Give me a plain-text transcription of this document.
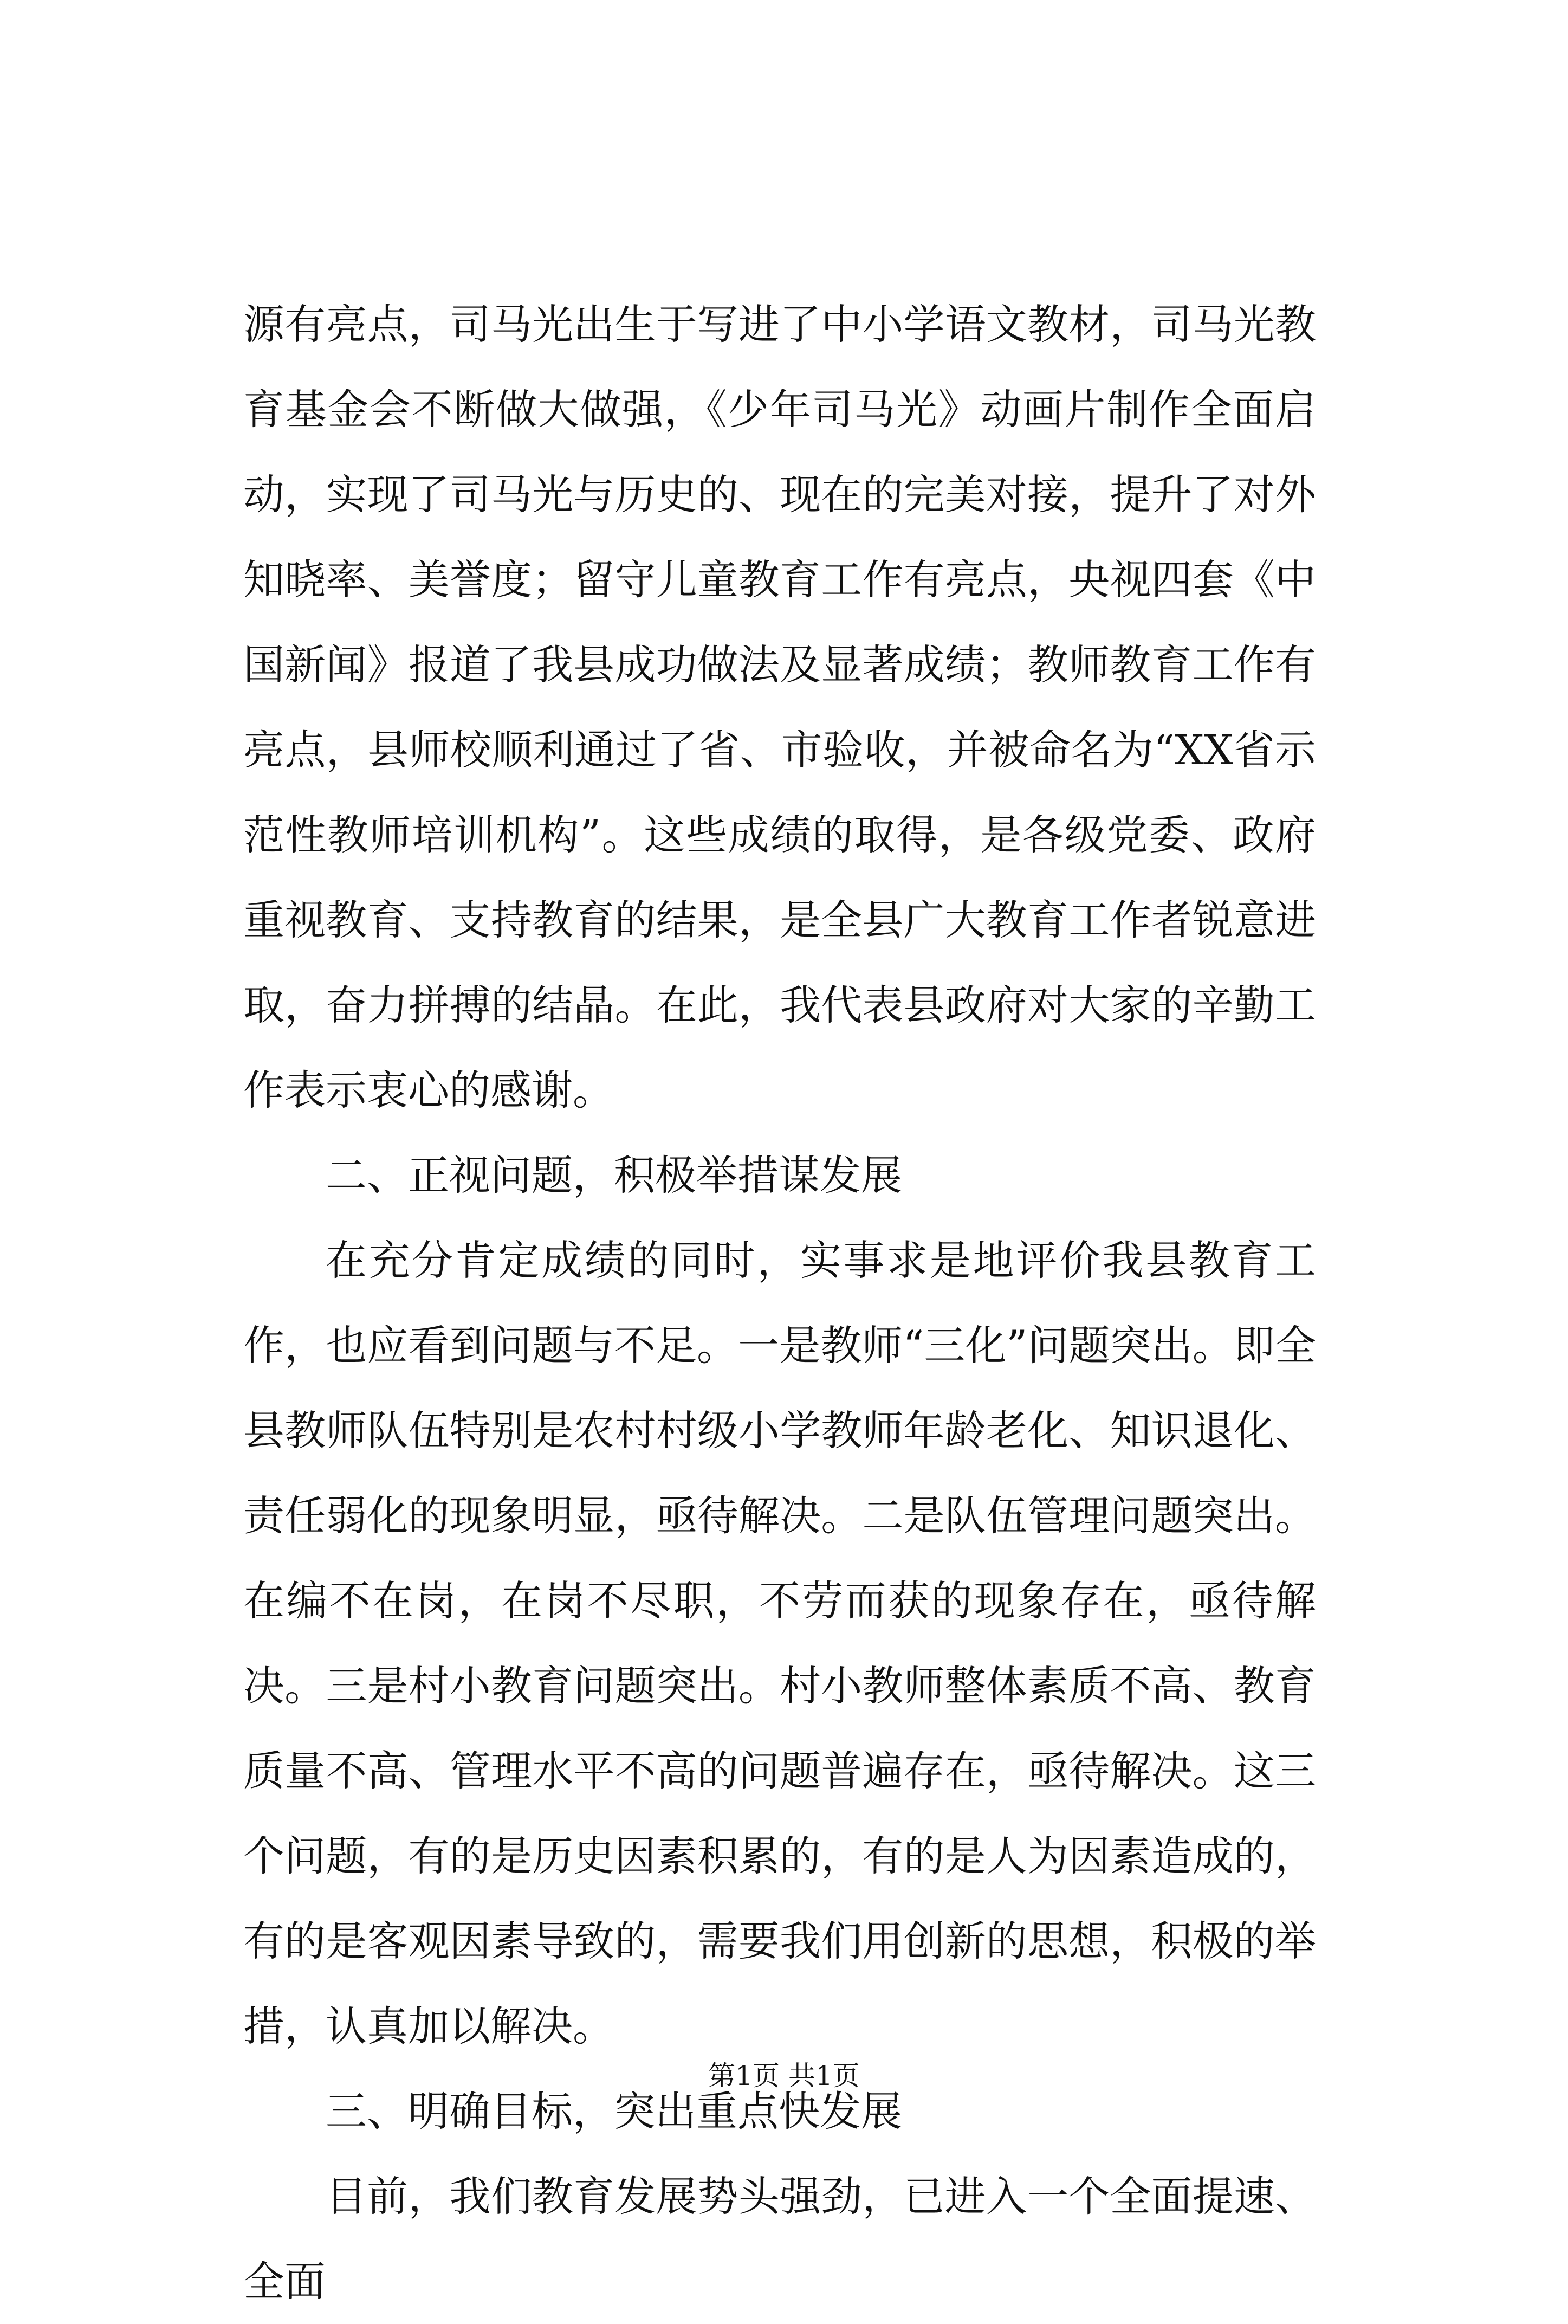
源有亮点，司马光出生于写进了中小学语文教材，司马光教育基金会不断做大做强，《少年司马光》动画片制作全面启动，实现了司马光与历史的、现在的完美对接，提升了对外知晓率、美誉度；留守儿童教育工作有亮点，央视四套《中国新闻》报道了我县成功做法及显著成绩；教师教育工作有亮点，县师校顺利通过了省、市验收，并被命名为“XX省示范性教师培训机构”。这些成绩的取得，是各级党委、政府重视教育、支持教育的结果，是全县广大教育工作者锐意进取，奋力拼搏的结晶。在此，我代表县政府对大家的辛勤工作表示衷心的感谢。

二、正视问题，积极举措谋发展

在充分肯定成绩的同时，实事求是地评价我县教育工作，也应看到问题与不足。一是教师“三化”问题突出。即全县教师队伍特别是农村村级小学教师年龄老化、知识退化、责任弱化的现象明显，亟待解决。二是队伍管理问题突出。在编不在岗，在岗不尽职，不劳而获的现象存在，亟待解决。三是村小教育问题突出。村小教师整体素质不高、教育质量不高、管理水平不高的问题普遍存在，亟待解决。这三个问题，有的是历史因素积累的，有的是人为因素造成的，有的是客观因素导致的，需要我们用创新的思想，积极的举措，认真加以解决。

三、明确目标，突出重点快发展

目前，我们教育发展势头强劲，已进入一个全面提速、全面

第1页 共1页
